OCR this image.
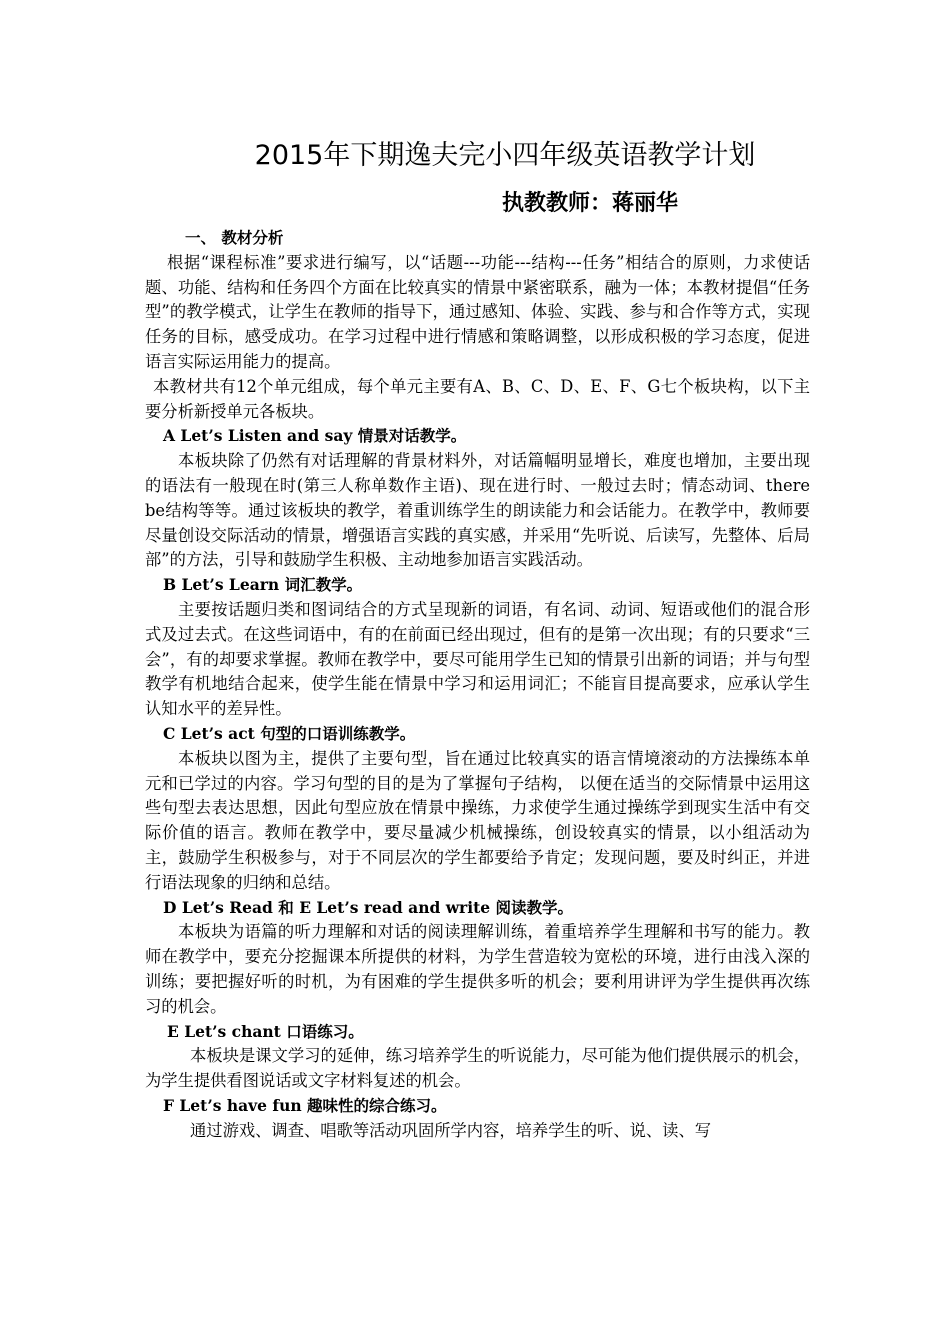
2015年下期逸夫完小四年级英语教学计划
执教教师：蒋丽华

一、 教材分析

根据“课程标准”要求进行编写，以“话题---功能---结构---任务”相结合的原则，力求使话题、功能、结构和任务四个方面在比较真实的情景中紧密联系，融为一体；本教材提倡“任务型”的教学模式，让学生在教师的指导下，通过感知、体验、实践、参与和合作等方式，实现任务的目标，感受成功。在学习过程中进行情感和策略调整，以形成积极的学习态度，促进语言实际运用能力的提高。

本教材共有12个单元组成，每个单元主要有A、B、C、D、E、F、G七个板块构，以下主要分析新授单元各板块。

A Let’s Listen and say 情景对话教学。

本板块除了仍然有对话理解的背景材料外，对话篇幅明显增长，难度也增加，主要出现的语法有一般现在时(第三人称单数作主语)、现在进行时、一般过去时；情态动词、there be结构等等。通过该板块的教学，着重训练学生的朗读能力和会话能力。在教学中，教师要尽量创设交际活动的情景，增强语言实践的真实感，并采用“先听说、后读写，先整体、后局部”的方法，引导和鼓励学生积极、主动地参加语言实践活动。

B Let’s Learn 词汇教学。

主要按话题归类和图词结合的方式呈现新的词语，有名词、动词、短语或他们的混合形式及过去式。在这些词语中，有的在前面已经出现过，但有的是第一次出现；有的只要求“三会”，有的却要求掌握。教师在教学中，要尽可能用学生已知的情景引出新的词语；并与句型教学有机地结合起来，使学生能在情景中学习和运用词汇；不能盲目提高要求，应承认学生认知水平的差异性。

C Let’s act 句型的口语训练教学。

本板块以图为主，提供了主要句型，旨在通过比较真实的语言情境滚动的方法操练本单元和已学过的内容。学习句型的目的是为了掌握句子结构， 以便在适当的交际情景中运用这些句型去表达思想，因此句型应放在情景中操练，力求使学生通过操练学到现实生活中有交际价值的语言。教师在教学中，要尽量减少机械操练，创设较真实的情景，以小组活动为主，鼓励学生积极参与，对于不同层次的学生都要给予肯定；发现问题，要及时纠正，并进行语法现象的归纳和总结。

D Let’s Read 和 E Let’s read and write 阅读教学。

本板块为语篇的听力理解和对话的阅读理解训练，着重培养学生理解和书写的能力。教师在教学中，要充分挖掘课本所提供的材料，为学生营造较为宽松的环境，进行由浅入深的训练；要把握好听的时机，为有困难的学生提供多听的机会；要利用讲评为学生提供再次练习的机会。

E Let’s chant 口语练习。

本板块是课文学习的延伸，练习培养学生的听说能力，尽可能为他们提供展示的机会，为学生提供看图说话或文字材料复述的机会。

F Let’s have fun 趣味性的综合练习。

通过游戏、调查、唱歌等活动巩固所学内容，培养学生的听、说、读、写
